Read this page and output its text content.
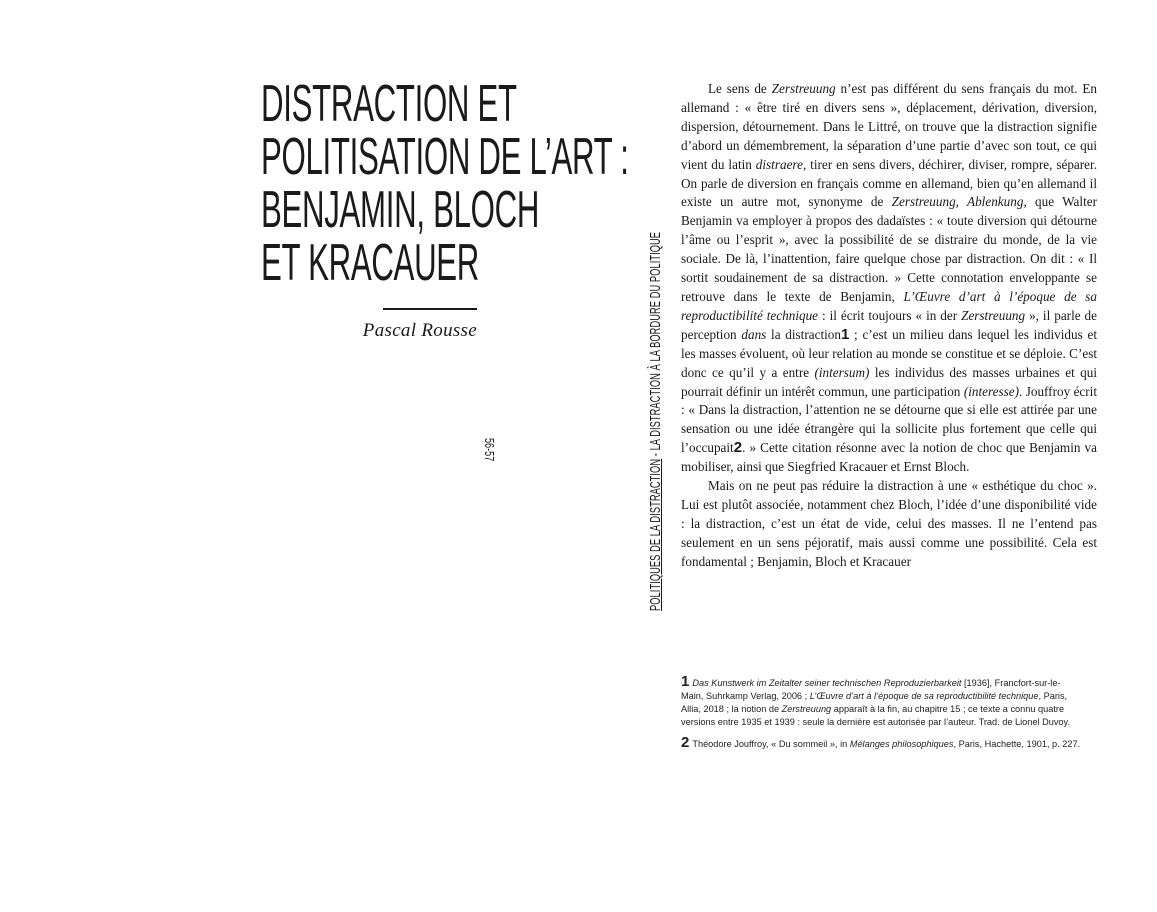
DISTRACTION ET
POLITISATION DE L’ART :
BENJAMIN, BLOCH
ET KRACAUER
Pascal Rousse
56-57
POLITIQUES DE LA DISTRACTION - LA DISTRACTION À LA BORDURE DU POLITIQUE

Le sens de Zerstreuung n’est pas différent du sens français du mot. En allemand : « être tiré en divers sens », déplacement, dérivation, diversion, dispersion, détournement. Dans le Littré, on trouve que la distraction signifie d’abord un démembrement, la séparation d’une partie d’avec son tout, ce qui vient du latin distraere, tirer en sens divers, déchirer, diviser, rompre, séparer. On parle de diversion en français comme en allemand, bien qu’en allemand il existe un autre mot, synonyme de Zerstreuung, Ablenkung, que Walter Benjamin va employer à propos des dadaïstes : « toute diversion qui détourne l’âme ou l’esprit », avec la possibilité de se distraire du monde, de la vie sociale. De là, l’inattention, faire quelque chose par distraction. On dit : « Il sortit soudainement de sa distraction. » Cette connotation enveloppante se retrouve dans le texte de Benjamin, L’Œuvre d’art à l’époque de sa reproductibilité technique : il écrit toujours « in der Zerstreuung », il parle de perception dans la distraction1 ; c’est un milieu dans lequel les individus et les masses évoluent, où leur relation au monde se constitue et se déploie. C’est donc ce qu’il y a entre (intersum) les individus des masses urbaines et qui pourrait définir un intérêt commun, une participation (interesse). Jouffroy écrit : « Dans la distraction, l’attention ne se détourne que si elle est attirée par une sensation ou une idée étrangère qui la sollicite plus fortement que celle qui l’occupait2. » Cette citation résonne avec la notion de choc que Benjamin va mobiliser, ainsi que Siegfried Kracauer et Ernst Bloch.

Mais on ne peut pas réduire la distraction à une « esthétique du choc ». Lui est plutôt associée, notamment chez Bloch, l’idée d’une disponibilité vide : la distraction, c’est un état de vide, celui des masses. Il ne l’entend pas seulement en un sens péjoratif, mais aussi comme une possibilité. Cela est fondamental ; Benjamin, Bloch et Kracauer

1 Das Kunstwerk im Zeitalter seiner technischen Reproduzierbarkeit [1936], Francfort-sur-le-Main, Suhrkamp Verlag, 2006 ; L’Œuvre d’art à l’époque de sa reproductibilité technique, Paris, Allia, 2018 ; la notion de Zerstreuung apparaît à la fin, au chapitre 15 ; ce texte a connu quatre versions entre 1935 et 1939 : seule la dernière est autorisée par l’auteur. Trad. de Lionel Duvoy.

2 Théodore Jouffroy, « Du sommeil », in Mélanges philosophiques, Paris, Hachette, 1901, p. 227.
